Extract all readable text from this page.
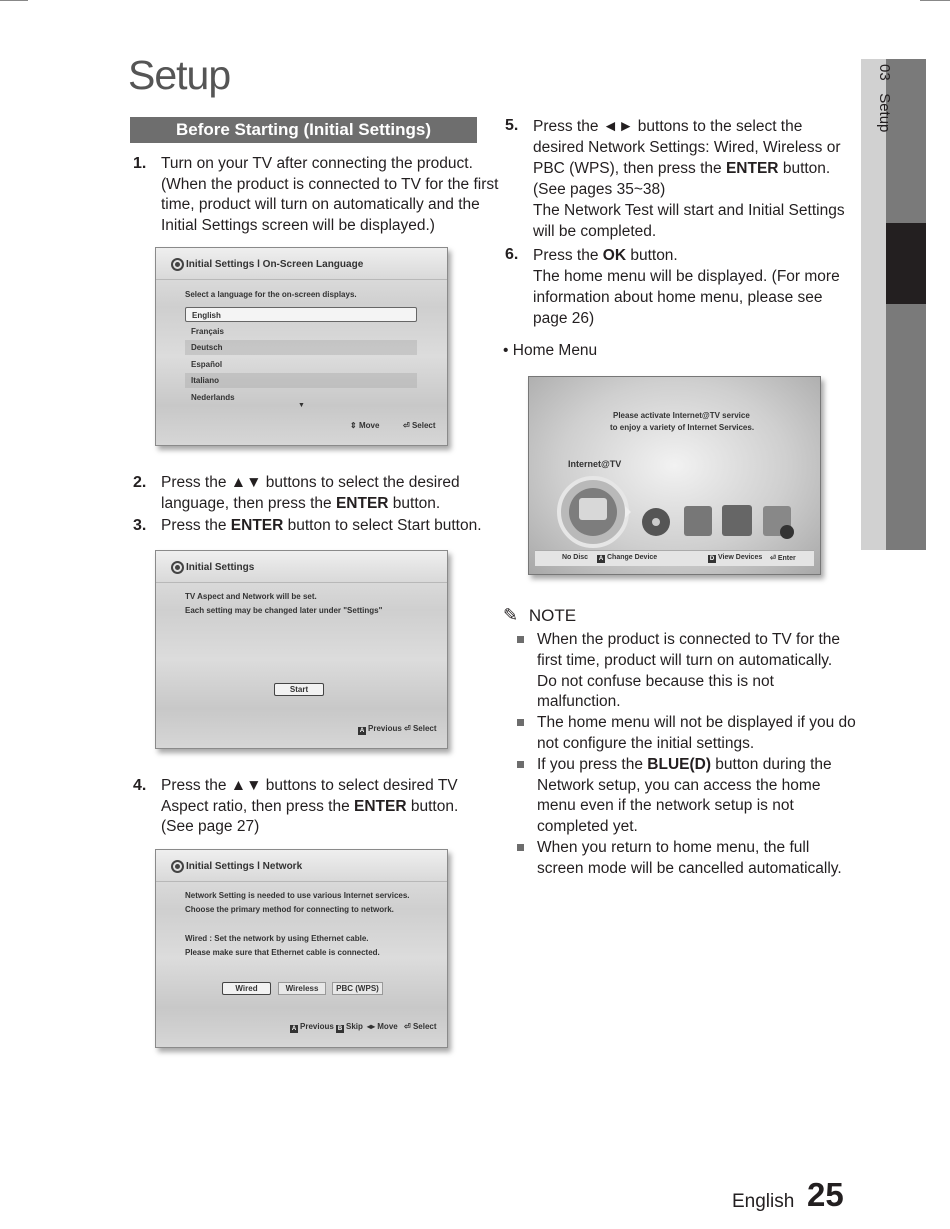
Setup
Before Starting (Initial Settings)
1. Turn on your TV after connecting the product.
(When the product is connected to TV for the first
time, product will turn on automatically and the
Initial Settings screen will be displayed.)
Initial Settings l On-Screen Language
Select a language for the on-screen displays.
English
Français
Deutsch
Español
Italiano
Nederlands
▼
⇕ Move	⏎ Select
2. Press the ▲▼ buttons to select the desired
language, then press the ENTER button.
3. Press the ENTER button to select Start button.
Initial Settings
TV Aspect and Network will be set.
Each setting may be changed later under "Settings"
Start
A Previous ⏎ Select
4. Press the ▲▼ buttons to select desired TV
Aspect ratio, then press the ENTER button.
(See page 27)
Initial Settings l Network
Network Setting is needed to use various Internet services.
Choose the primary method for connecting to network.
Wired : Set the network by using Ethernet cable.
Please make sure that Ethernet cable is connected.
Wired	Wireless	PBC (WPS)
A Previous B Skip ◂▸ Move ⏎ Select
5. Press the ◄► buttons to the select the
desired Network Settings: Wired, Wireless or
PBC (WPS), then press the ENTER button.
(See pages 35~38)
The Network Test will start and Initial Settings
will be completed.
6. Press the OK button.
The home menu will be displayed. (For more
information about home menu, please see
page 26)
• Home Menu
Please activate Internet@TV service
to enjoy a variety of Internet Services.
Internet@TV
No Disc	A Change Device	D View Devices ⏎ Enter
✎ NOTE
When the product is connected to TV for the
first time, product will turn on automatically.
Do not confuse because this is not
malfunction.
The home menu will not be displayed if you do
not configure the initial settings.
If you press the BLUE(D) button during the
Network setup, you can access the home
menu even if the network setup is not
completed yet.
When you return to home menu, the full
screen mode will be cancelled automatically.
03   Setup
English 25
